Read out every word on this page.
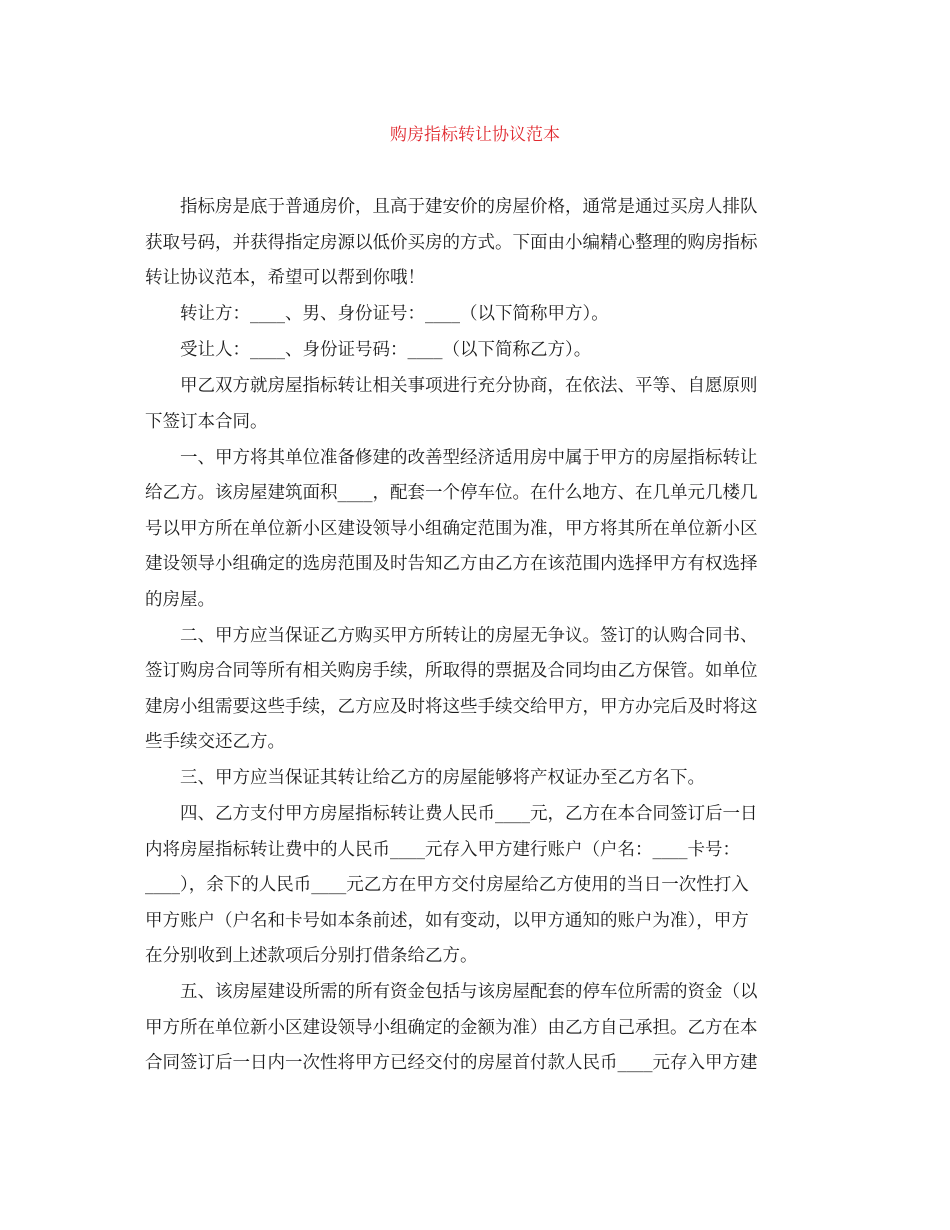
购房指标转让协议范本
指标房是底于普通房价，且高于建安价的房屋价格，通常是通过买房人排队
获取号码，并获得指定房源以低价买房的方式。下面由小编精心整理的购房指标
转让协议范本，希望可以帮到你哦！
转让方：____、男、身份证号：____（以下简称甲方）。
受让人：____、身份证号码：____（以下简称乙方）。
甲乙双方就房屋指标转让相关事项进行充分协商，在依法、平等、自愿原则
下签订本合同。
一、甲方将其单位准备修建的改善型经济适用房中属于甲方的房屋指标转让
给乙方。该房屋建筑面积____，配套一个停车位。在什么地方、在几单元几楼几
号以甲方所在单位新小区建设领导小组确定范围为准，甲方将其所在单位新小区
建设领导小组确定的选房范围及时告知乙方由乙方在该范围内选择甲方有权选择
的房屋。
二、甲方应当保证乙方购买甲方所转让的房屋无争议。签订的认购合同书、
签订购房合同等所有相关购房手续，所取得的票据及合同均由乙方保管。如单位
建房小组需要这些手续，乙方应及时将这些手续交给甲方，甲方办完后及时将这
些手续交还乙方。
三、甲方应当保证其转让给乙方的房屋能够将产权证办至乙方名下。
四、乙方支付甲方房屋指标转让费人民币____元，乙方在本合同签订后一日
内将房屋指标转让费中的人民币____元存入甲方建行账户（户名：____卡号：
____），余下的人民币____元乙方在甲方交付房屋给乙方使用的当日一次性打入
甲方账户（户名和卡号如本条前述，如有变动，以甲方通知的账户为准），甲方
在分别收到上述款项后分别打借条给乙方。
五、该房屋建设所需的所有资金包括与该房屋配套的停车位所需的资金（以
甲方所在单位新小区建设领导小组确定的金额为准）由乙方自己承担。乙方在本
合同签订后一日内一次性将甲方已经交付的房屋首付款人民币____元存入甲方建
